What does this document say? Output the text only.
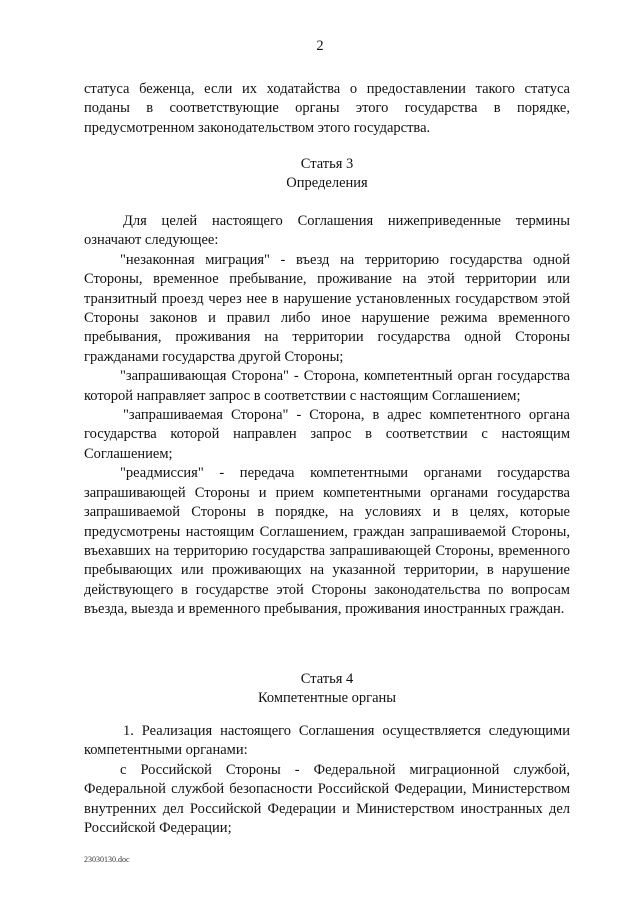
2

статуса беженца, если их ходатайства о предоставлении такого статуса поданы в соответствующие органы этого государства в порядке, предусмотренном законодательством этого государства.

Статья 3
Определения

Для целей настоящего Соглашения нижеприведенные термины означают следующее:

"незаконная миграция" - въезд на территорию государства одной Стороны, временное пребывание, проживание на этой территории или транзитный проезд через нее в нарушение установленных государством этой Стороны законов и правил либо иное нарушение режима временного пребывания, проживания на территории государства одной Стороны гражданами государства другой Стороны;

"запрашивающая Сторона" - Сторона, компетентный орган государства которой направляет запрос в соответствии с настоящим Соглашением;

"запрашиваемая Сторона" - Сторона, в адрес компетентного органа государства которой направлен запрос в соответствии с настоящим Соглашением;

"реадмиссия" - передача компетентными органами государства запрашивающей Стороны и прием компетентными органами государства запрашиваемой Стороны в порядке, на условиях и в целях, которые предусмотрены настоящим Соглашением, граждан запрашиваемой Стороны, въехавших на территорию государства запрашивающей Стороны, временного пребывающих или проживающих на указанной территории, в нарушение действующего в государстве этой Стороны законодательства по вопросам въезда, выезда и временного пребывания, проживания иностранных граждан.

Статья 4
Компетентные органы

1. Реализация настоящего Соглашения осуществляется следующими компетентными органами:

с Российской Стороны - Федеральной миграционной службой, Федеральной службой безопасности Российской Федерации, Министерством внутренних дел Российской Федерации и Министерством иностранных дел Российской Федерации;

23030130.doc
